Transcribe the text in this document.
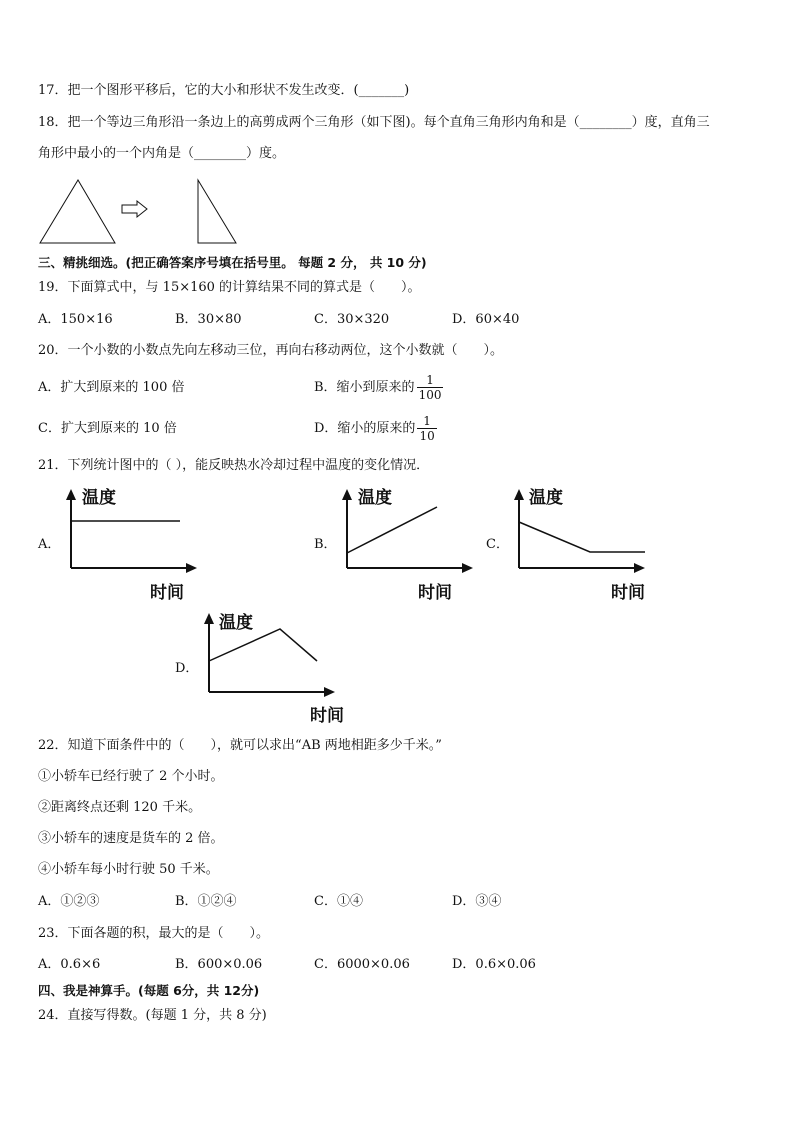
17．把一个图形平移后，它的大小和形状不发生改变．(_______)
18．把一个等边三角形沿一条边上的高剪成两个三角形（如下图)。每个直角三角形内角和是（________）度，直角三
角形中最小的一个内角是（________）度。
三、精挑细选。(把正确答案序号填在括号里。 每题 2 分， 共 10 分)
19．下面算式中，与 15×160 的计算结果不同的算式是（　　）。
A．150×16	B．30×80	C．30×320	D．60×40
20．一个小数的小数点先向左移动三位，再向右移动两位，这个小数就（　　）。
A．扩大到原来的 100 倍	B．缩小到原来的 $\frac{1}{100}$
C．扩大到原来的 10 倍	D．缩小的原来的 $\frac{1}{10}$
21．下列统计图中的（ ），能反映热水冷却过程中温度的变化情况．
A．
温度
时间
B．
温度
时间
C．
温度
时间
D．
温度
时间
22．知道下面条件中的（　　），就可以求出“AB 两地相距多少千米。”
①小轿车已经行驶了 2 个小时。
②距离终点还剩 120 千米。
③小轿车的速度是货车的 2 倍。
④小轿车每小时行驶 50 千米。
A．①②③	B．①②④	C．①④	D．③④
23．下面各题的积，最大的是（　　）。
A．0.6×6	B．600×0.06	C．6000×0.06	D．0.6×0.06
四、我是神算手。(每题 6分，共 12分)
24．直接写得数。(每题 1 分，共 8 分)
